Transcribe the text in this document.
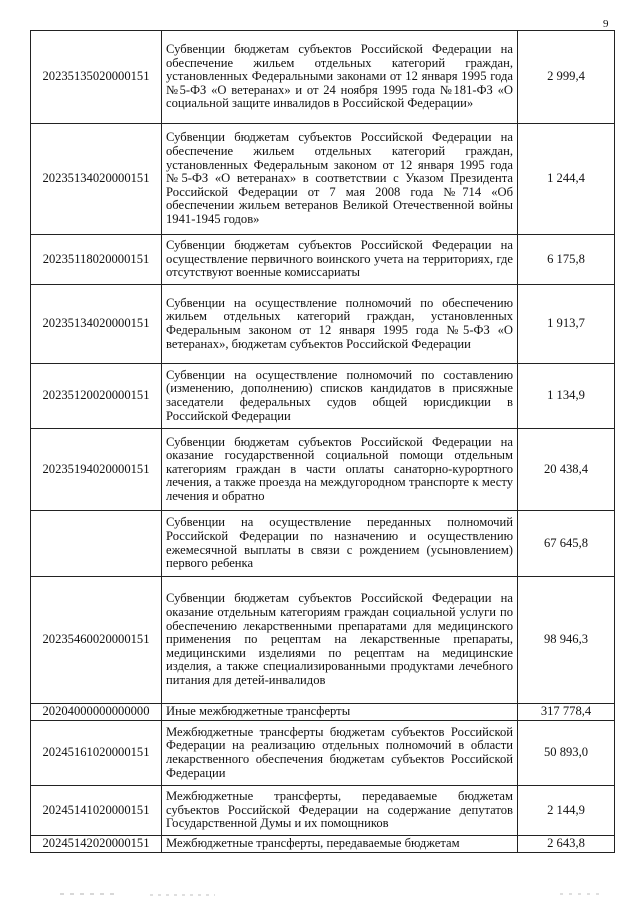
9
20235135020000151	Субвенции бюджетам субъектов Российской Федерации на обеспечение жильем отдельных категорий граждан, установленных Федеральными законами от 12 января 1995 года №5-ФЗ «О ветеранах» и от 24 ноября 1995 года №181-ФЗ «О социальной защите инвалидов в Российской Федерации»	2 999,4
20235134020000151	Субвенции бюджетам субъектов Российской Федерации на обеспечение жильем отдельных категорий граждан, установленных Федеральным законом от 12 января 1995 года №5-ФЗ «О ветеранах» в соответствии с Указом Президента Российской Федерации от 7 мая 2008 года №714 «Об обеспечении жильем ветеранов Великой Отечественной войны 1941-1945 годов»	1 244,4
20235118020000151	Субвенции бюджетам субъектов Российской Федерации на осуществление первичного воинского учета на территориях, где отсутствуют военные комиссариаты	6 175,8
20235134020000151	Субвенции на осуществление полномочий по обеспечению жильем отдельных категорий граждан, установленных Федеральным законом от 12 января 1995 года №5-ФЗ «О ветеранах», бюджетам субъектов Российской Федерации	1 913,7
20235120020000151	Субвенции на осуществление полномочий по составлению (изменению, дополнению) списков кандидатов в присяжные заседатели федеральных судов общей юрисдикции в Российской Федерации	1 134,9
20235194020000151	Субвенции бюджетам субъектов Российской Федерации на оказание государственной социальной помощи отдельным категориям граждан в части оплаты санаторно-курортного лечения, а также проезда на междугородном транспорте к месту лечения и обратно	20 438,4
	Субвенции на осуществление переданных полномочий Российской Федерации по назначению и осуществлению ежемесячной выплаты в связи с рождением (усыновлением) первого ребенка	67 645,8
20235460020000151	Субвенции бюджетам субъектов Российской Федерации на оказание отдельным категориям граждан социальной услуги по обеспечению лекарственными препаратами для медицинского применения по рецептам на лекарственные препараты, медицинскими изделиями по рецептам на медицинские изделия, а также специализированными продуктами лечебного питания для детей-инвалидов	98 946,3
20204000000000000	Иные межбюджетные трансферты	317 778,4
20245161020000151	Межбюджетные трансферты бюджетам субъектов Российской Федерации на реализацию отдельных полномочий в области лекарственного обеспечения бюджетам субъектов Российской Федерации	50 893,0
20245141020000151	Межбюджетные трансферты, передаваемые бюджетам субъектов Российской Федерации на содержание депутатов Государственной Думы и их помощников	2 144,9
20245142020000151	Межбюджетные трансферты, передаваемые бюджетам	2 643,8
